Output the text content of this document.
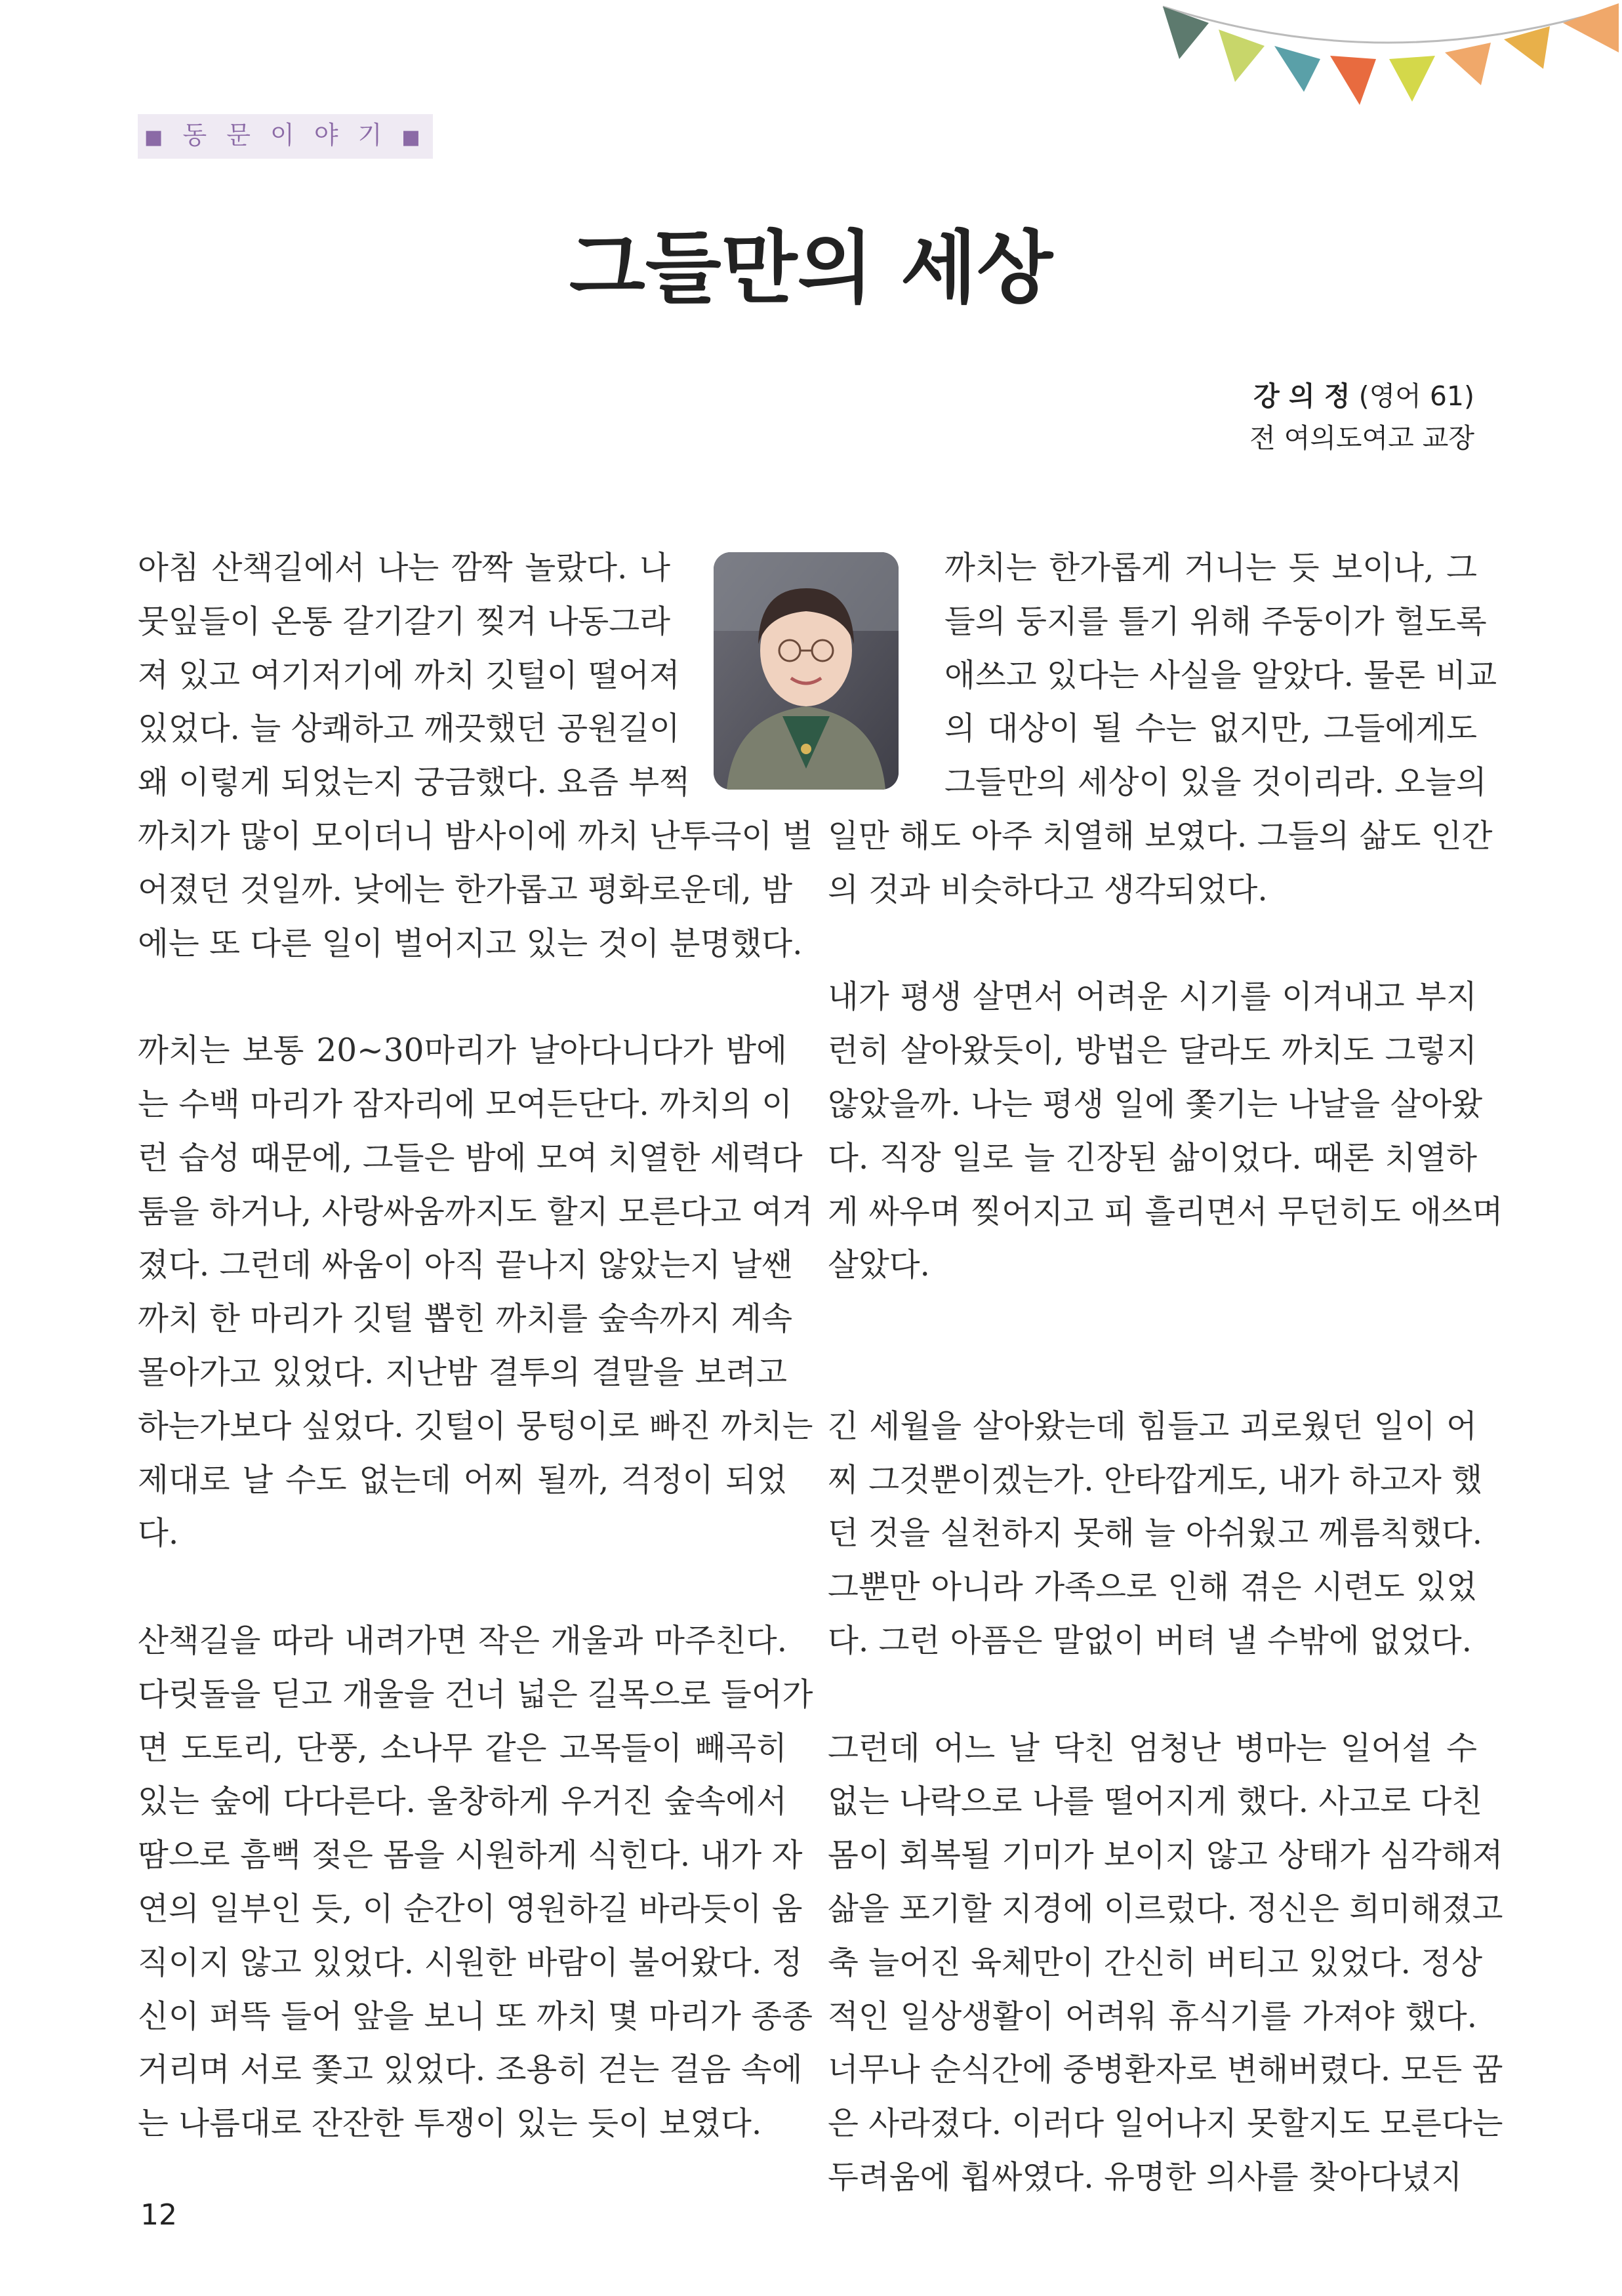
■ 동 문 이 야 기 ■
그들만의 세상
강 의 정 (영어 61)
전 여의도여고 교장
아침 산책길에서 나는 깜짝 놀랐다. 나
뭇잎들이 온통 갈기갈기 찢겨 나동그라
져 있고 여기저기에 까치 깃털이 떨어져
있었다. 늘 상쾌하고 깨끗했던 공원길이
왜 이렇게 되었는지 궁금했다. 요즘 부쩍
까치가 많이 모이더니 밤사이에 까치 난투극이 벌
어졌던 것일까. 낮에는 한가롭고 평화로운데, 밤
에는 또 다른 일이 벌어지고 있는 것이 분명했다.
까치는 보통 20~30마리가 날아다니다가 밤에
는 수백 마리가 잠자리에 모여든단다. 까치의 이
런 습성 때문에, 그들은 밤에 모여 치열한 세력다
툼을 하거나, 사랑싸움까지도 할지 모른다고 여겨
졌다. 그런데 싸움이 아직 끝나지 않았는지 날쌘
까치 한 마리가 깃털 뽑힌 까치를 숲속까지 계속
몰아가고 있었다. 지난밤 결투의 결말을 보려고
하는가보다 싶었다. 깃털이 뭉텅이로 빠진 까치는
제대로 날 수도 없는데 어찌 될까, 걱정이 되었
다.
산책길을 따라 내려가면 작은 개울과 마주친다.
다릿돌을 딛고 개울을 건너 넓은 길목으로 들어가
면 도토리, 단풍, 소나무 같은 고목들이 빼곡히
있는 숲에 다다른다. 울창하게 우거진 숲속에서
땀으로 흠뻑 젖은 몸을 시원하게 식힌다. 내가 자
연의 일부인 듯, 이 순간이 영원하길 바라듯이 움
직이지 않고 있었다. 시원한 바람이 불어왔다. 정
신이 퍼뜩 들어 앞을 보니 또 까치 몇 마리가 종종
거리며 서로 쫓고 있었다. 조용히 걷는 걸음 속에
는 나름대로 잔잔한 투쟁이 있는 듯이 보였다.
까치는 한가롭게 거니는 듯 보이나, 그
들의 둥지를 틀기 위해 주둥이가 헐도록
애쓰고 있다는 사실을 알았다. 물론 비교
의 대상이 될 수는 없지만, 그들에게도
그들만의 세상이 있을 것이리라. 오늘의
일만 해도 아주 치열해 보였다. 그들의 삶도 인간
의 것과 비슷하다고 생각되었다.
내가 평생 살면서 어려운 시기를 이겨내고 부지
런히 살아왔듯이, 방법은 달라도 까치도 그렇지
않았을까. 나는 평생 일에 쫓기는 나날을 살아왔
다. 직장 일로 늘 긴장된 삶이었다. 때론 치열하
게 싸우며 찢어지고 피 흘리면서 무던히도 애쓰며
살았다.
긴 세월을 살아왔는데 힘들고 괴로웠던 일이 어
찌 그것뿐이겠는가. 안타깝게도, 내가 하고자 했
던 것을 실천하지 못해 늘 아쉬웠고 께름칙했다.
그뿐만 아니라 가족으로 인해 겪은 시련도 있었
다. 그런 아픔은 말없이 버텨 낼 수밖에 없었다.
그런데 어느 날 닥친 엄청난 병마는 일어설 수
없는 나락으로 나를 떨어지게 했다. 사고로 다친
몸이 회복될 기미가 보이지 않고 상태가 심각해져
삶을 포기할 지경에 이르렀다. 정신은 희미해졌고
축 늘어진 육체만이 간신히 버티고 있었다. 정상
적인 일상생활이 어려워 휴식기를 가져야 했다.
너무나 순식간에 중병환자로 변해버렸다. 모든 꿈
은 사라졌다. 이러다 일어나지 못할지도 모른다는
두려움에 휩싸였다. 유명한 의사를 찾아다녔지
12
